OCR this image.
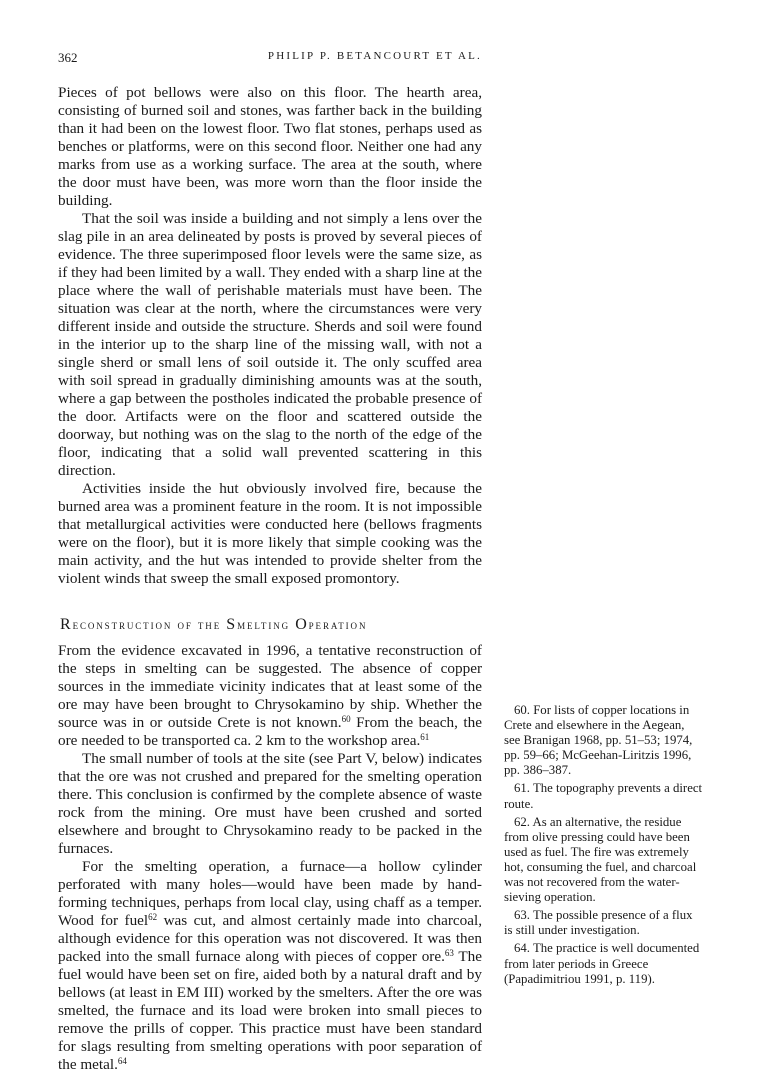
362	PHILIP P. BETANCOURT ET AL.

Pieces of pot bellows were also on this floor. The hearth area, consisting of burned soil and stones, was farther back in the building than it had been on the lowest floor. Two flat stones, perhaps used as benches or platforms, were on this second floor. Neither one had any marks from use as a working surface. The area at the south, where the door must have been, was more worn than the floor inside the building.

That the soil was inside a building and not simply a lens over the slag pile in an area delineated by posts is proved by several pieces of evidence. The three superimposed floor levels were the same size, as if they had been limited by a wall. They ended with a sharp line at the place where the wall of perishable materials must have been. The situation was clear at the north, where the circumstances were very different inside and outside the structure. Sherds and soil were found in the interior up to the sharp line of the missing wall, with not a single sherd or small lens of soil outside it. The only scuffed area with soil spread in gradually diminishing amounts was at the south, where a gap between the postholes indicated the probable presence of the door. Artifacts were on the floor and scattered outside the doorway, but nothing was on the slag to the north of the edge of the floor, indicating that a solid wall prevented scattering in this direction.

Activities inside the hut obviously involved fire, because the burned area was a prominent feature in the room. It is not impossible that metallurgical activities were conducted here (bellows fragments were on the floor), but it is more likely that simple cooking was the main activity, and the hut was intended to provide shelter from the violent winds that sweep the small exposed promontory.

Reconstruction of the Smelting Operation

From the evidence excavated in 1996, a tentative reconstruction of the steps in smelting can be suggested. The absence of copper sources in the immediate vicinity indicates that at least some of the ore may have been brought to Chrysokamino by ship. Whether the source was in or outside Crete is not known.$^{60}$ From the beach, the ore needed to be transported ca. 2 km to the workshop area.$^{61}$

The small number of tools at the site (see Part V, below) indicates that the ore was not crushed and prepared for the smelting operation there. This conclusion is confirmed by the complete absence of waste rock from the mining. Ore must have been crushed and sorted elsewhere and brought to Chrysokamino ready to be packed in the furnaces.

For the smelting operation, a furnace—a hollow cylinder perforated with many holes—would have been made by hand-forming techniques, perhaps from local clay, using chaff as a temper. Wood for fuel$^{62}$ was cut, and almost certainly made into charcoal, although evidence for this operation was not discovered. It was then packed into the small furnace along with pieces of copper ore.$^{63}$ The fuel would have been set on fire, aided both by a natural draft and by bellows (at least in EM III) worked by the smelters. After the ore was smelted, the furnace and its load were broken into small pieces to remove the prills of copper. This practice must have been standard for slags resulting from smelting operations with poor separation of the metal.$^{64}$

60. For lists of copper locations in Crete and elsewhere in the Aegean, see Branigan 1968, pp. 51–53; 1974, pp. 59–66; McGeehan-Liritzis 1996, pp. 386–387.

61. The topography prevents a direct route.

62. As an alternative, the residue from olive pressing could have been used as fuel. The fire was extremely hot, consuming the fuel, and charcoal was not recovered from the water-sieving operation.

63. The possible presence of a flux is still under investigation.

64. The practice is well documented from later periods in Greece (Papadimitriou 1991, p. 119).
